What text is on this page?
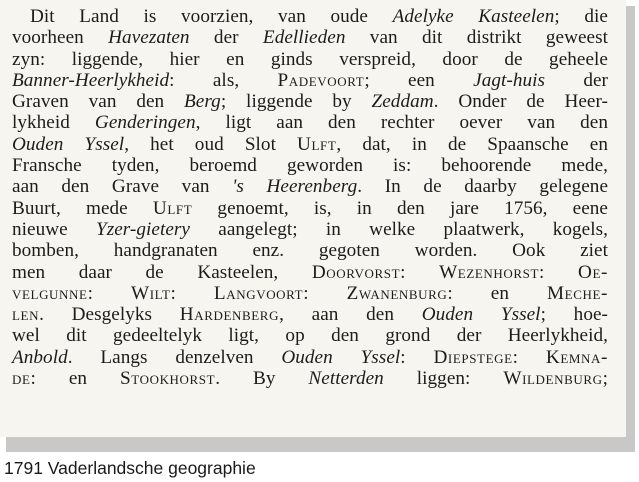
Dit Land is voorzien, van oude Adelyke Kasteelen; die
voorheen Havezaten der Edellieden van dit distrikt geweest
zyn: liggende, hier en ginds verspreid, door de geheele
Banner-Heerlykheid: als, Padevoort; een Jagt-huis der
Graven van den Berg; liggende by Zeddam. Onder de Heer-
lykheid Genderingen, ligt aan den rechter oever van den
Ouden Yssel, het oud Slot Ulft, dat, in de Spaansche en
Fransche tyden, beroemd geworden is: behoorende mede,
aan den Grave van 's Heerenberg. In de daarby gelegene
Buurt, mede Ulft genoemt, is, in den jare 1756, eene
nieuwe Yzer-gietery aangelegt; in welke plaatwerk, kogels,
bomben, handgranaten enz. gegoten worden. Ook ziet
men daar de Kasteelen, Doorvorst: Wezenhorst: Oe-
velgunne: Wilt: Langvoort: Zwanenburg: en Meche-
len. Desgelyks Hardenberg, aan den Ouden Yssel; hoe-
wel dit gedeeltelyk ligt, op den grond der Heerlykheid,
Anbold. Langs denzelven Ouden Yssel: Diepstege: Kemna-
de: en Stookhorst. By Netterden liggen: Wildenburg;
1791 Vaderlandsche geographie
